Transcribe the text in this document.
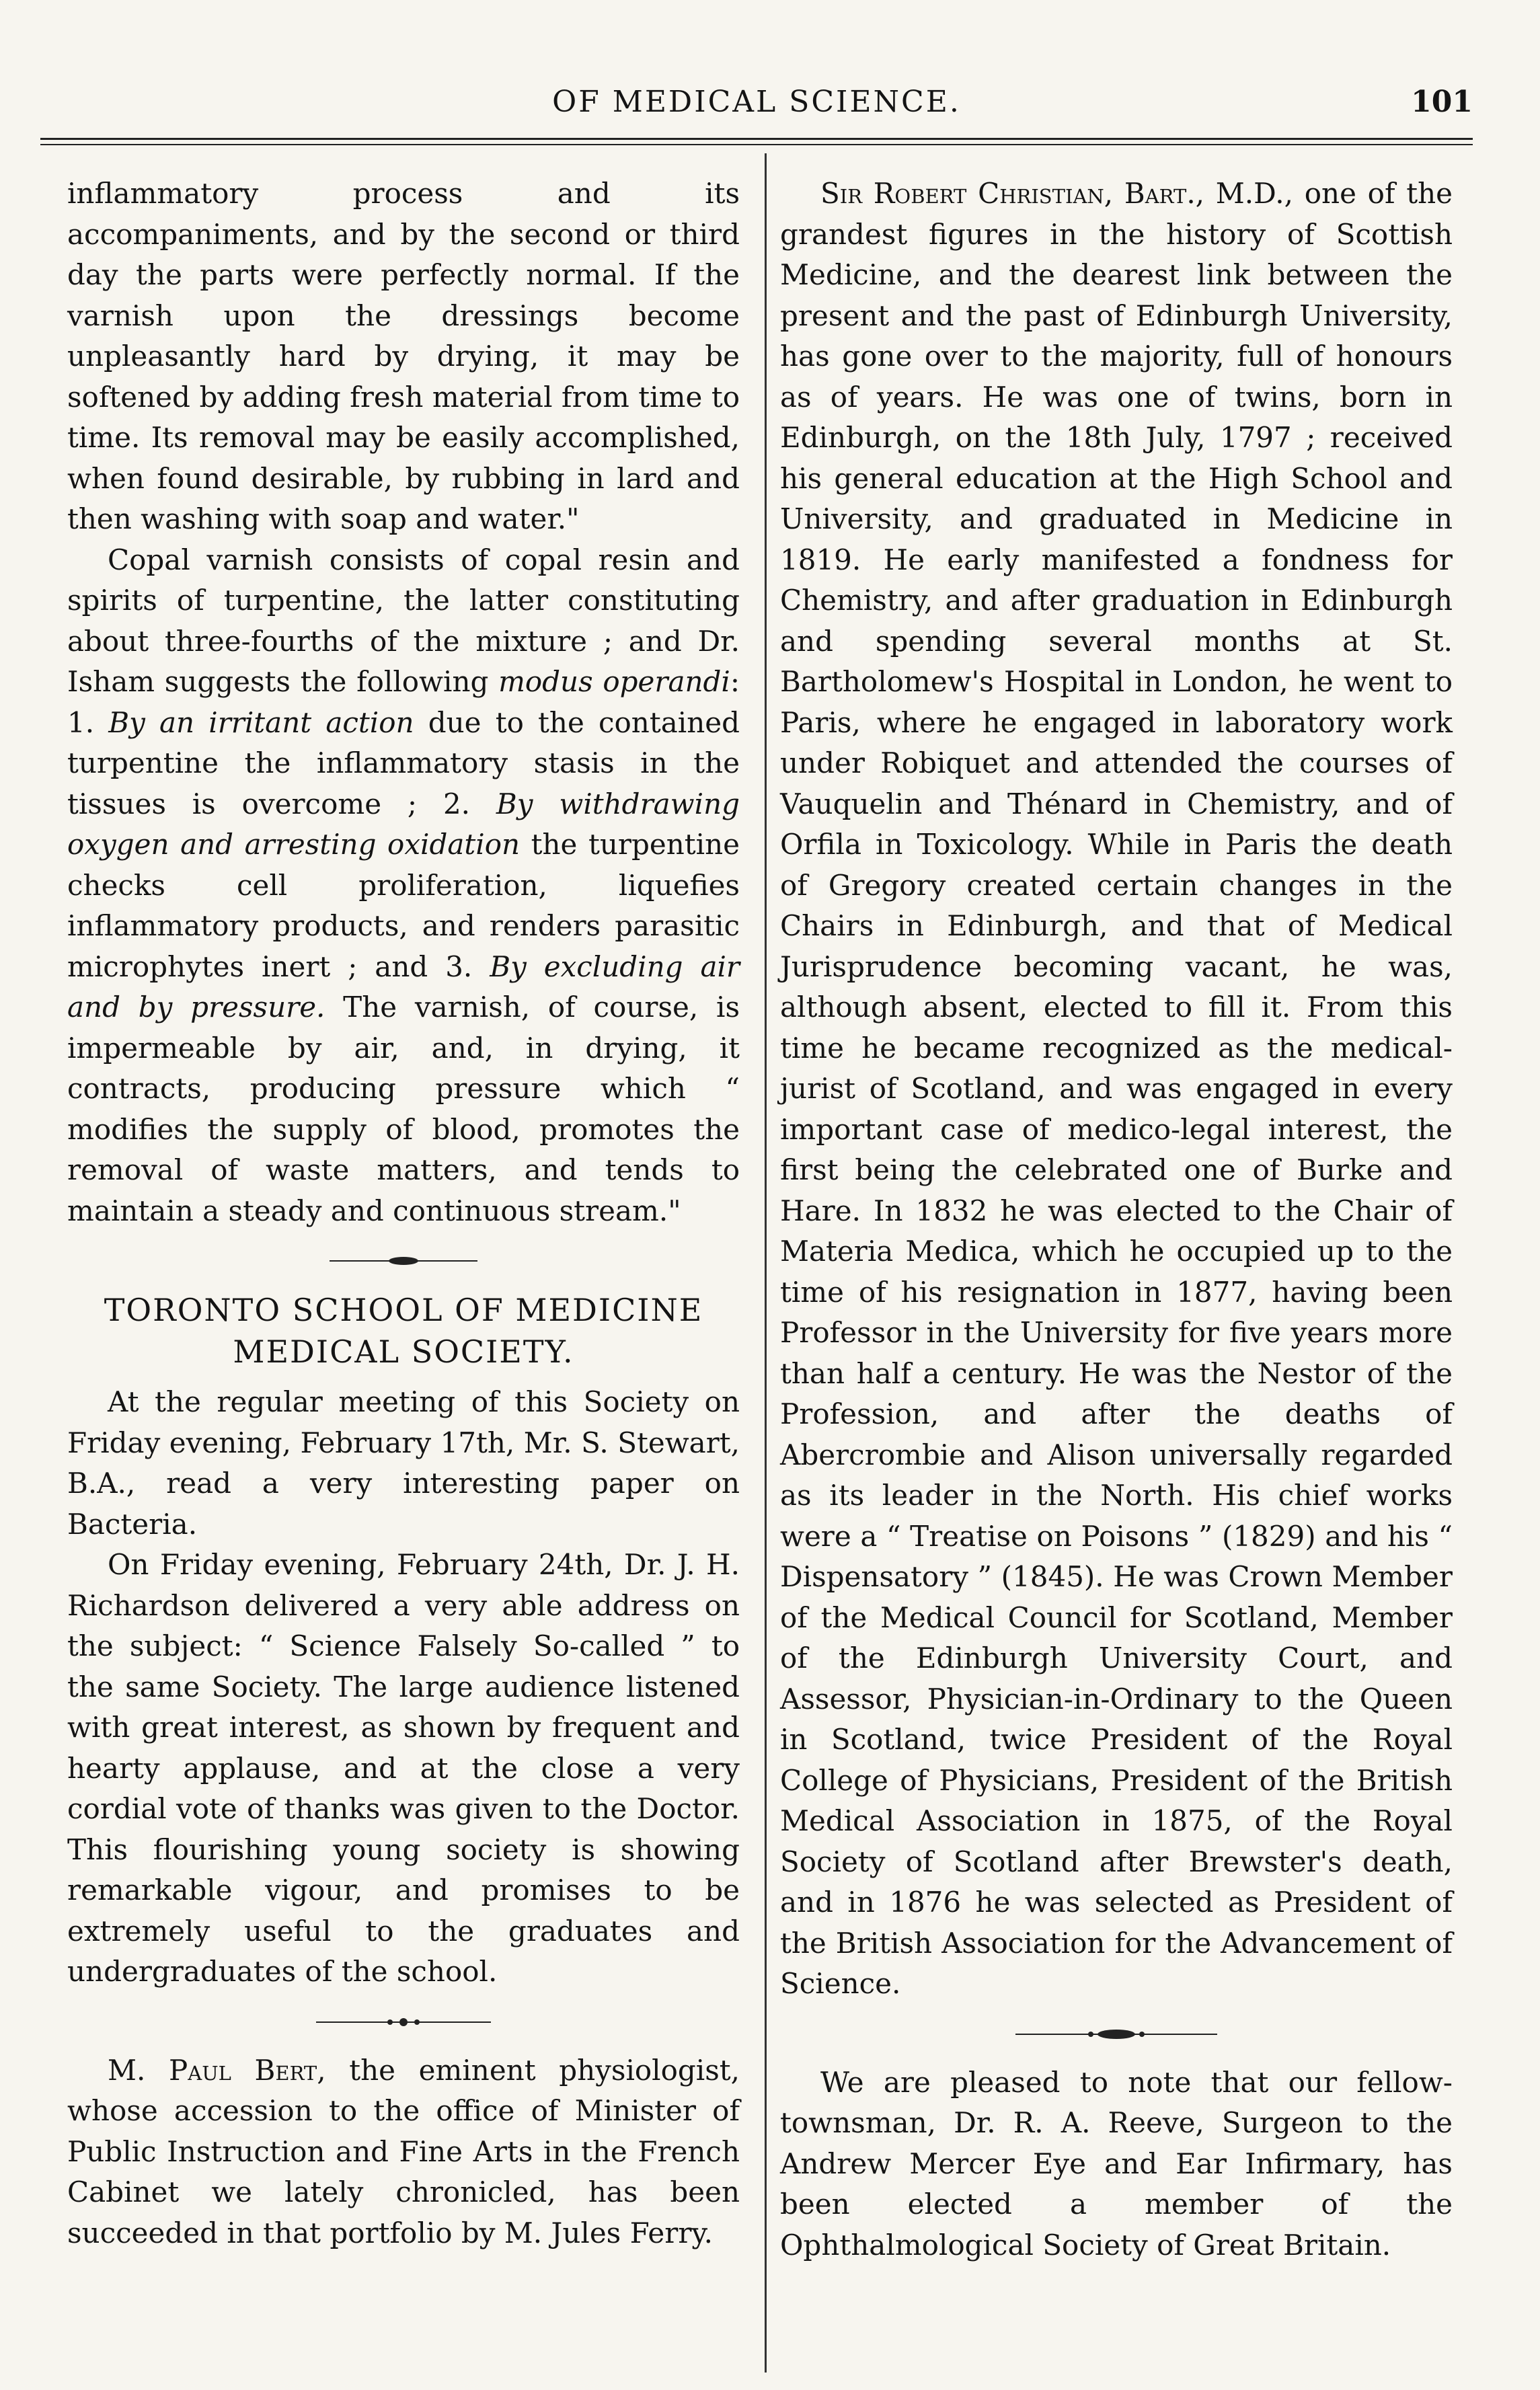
OF MEDICAL SCIENCE.	101

inflammatory process and its accompaniments, and by the second or third day the parts were perfectly normal. If the varnish upon the dressings become unpleasantly hard by drying, it may be softened by adding fresh material from time to time. Its removal may be easily accomplished, when found desirable, by rubbing in lard and then washing with soap and water."

Copal varnish consists of copal resin and spirits of turpentine, the latter constituting about three-fourths of the mixture ; and Dr. Isham suggests the following modus operandi: 1. By an irritant action due to the contained turpentine the inflammatory stasis in the tissues is overcome ; 2. By withdrawing oxygen and arresting oxidation the turpentine checks cell proliferation, liquefies inflammatory products, and renders parasitic microphytes inert ; and 3. By excluding air and by pressure. The varnish, of course, is impermeable by air, and, in drying, it contracts, producing pressure which “ modifies the supply of blood, promotes the removal of waste matters, and tends to maintain a steady and continuous stream."

TORONTO SCHOOL OF MEDICINE

MEDICAL SOCIETY.

At the regular meeting of this Society on Friday evening, February 17th, Mr. S. Stewart, B.A., read a very interesting paper on Bacteria.

On Friday evening, February 24th, Dr. J. H. Richardson delivered a very able address on the subject: “ Science Falsely So-called ” to the same Society. The large audience listened with great interest, as shown by frequent and hearty applause, and at the close a very cordial vote of thanks was given to the Doctor. This flourishing young society is showing remarkable vigour, and promises to be extremely useful to the graduates and undergraduates of the school.

M. Paul Bert, the eminent physiologist, whose accession to the office of Minister of Public Instruction and Fine Arts in the French Cabinet we lately chronicled, has been succeeded in that portfolio by M. Jules Ferry.

Sir Robert Christian, Bart., M.D., one of the grandest figures in the history of Scottish Medicine, and the dearest link between the present and the past of Edinburgh University, has gone over to the majority, full of honours as of years. He was one of twins, born in Edinburgh, on the 18th July, 1797 ; received his general education at the High School and University, and graduated in Medicine in 1819. He early manifested a fondness for Chemistry, and after graduation in Edinburgh and spending several months at St. Bartholomew's Hospital in London, he went to Paris, where he engaged in laboratory work under Robiquet and attended the courses of Vauquelin and Thénard in Chemistry, and of Orfila in Toxicology. While in Paris the death of Gregory created certain changes in the Chairs in Edinburgh, and that of Medical Jurisprudence becoming vacant, he was, although absent, elected to fill it. From this time he became recognized as the medical-jurist of Scotland, and was engaged in every important case of medico-legal interest, the first being the celebrated one of Burke and Hare. In 1832 he was elected to the Chair of Materia Medica, which he occupied up to the time of his resignation in 1877, having been Professor in the University for five years more than half a century. He was the Nestor of the Profession, and after the deaths of Abercrombie and Alison universally regarded as its leader in the North. His chief works were a “ Treatise on Poisons ” (1829) and his “ Dispensatory ” (1845). He was Crown Member of the Medical Council for Scotland, Member of the Edinburgh University Court, and Assessor, Physician-in-Ordinary to the Queen in Scotland, twice President of the Royal College of Physicians, President of the British Medical Association in 1875, of the Royal Society of Scotland after Brewster's death, and in 1876 he was selected as President of the British Association for the Advancement of Science.

We are pleased to note that our fellow-townsman, Dr. R. A. Reeve, Surgeon to the Andrew Mercer Eye and Ear Infirmary, has been elected a member of the Ophthalmological Society of Great Britain.
